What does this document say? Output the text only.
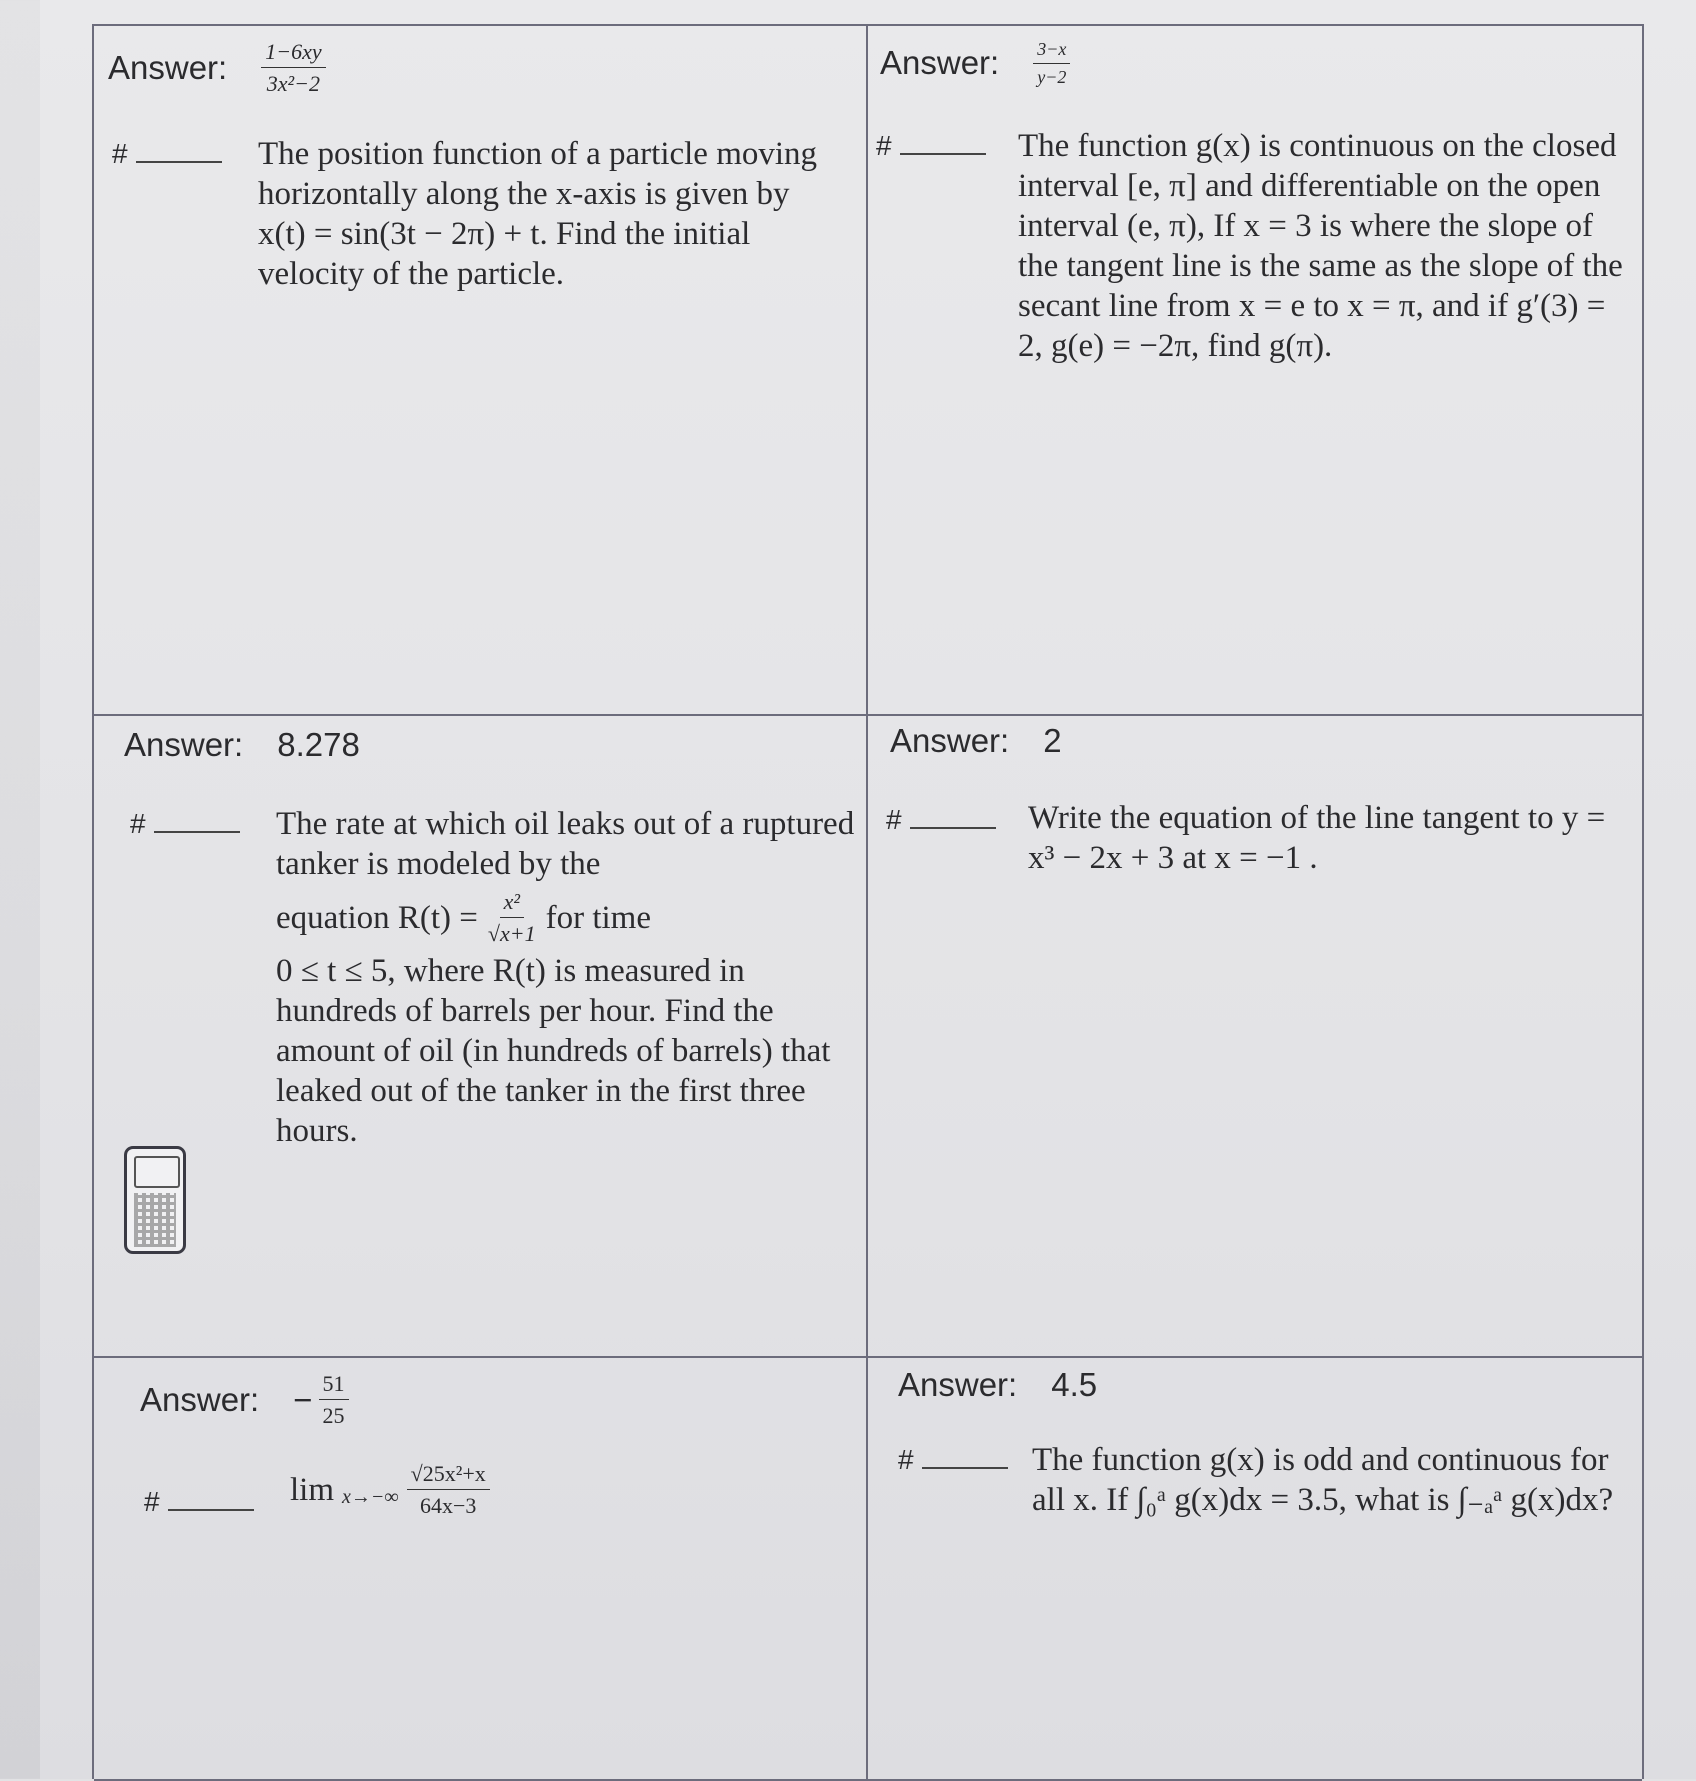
Answer: $\frac{1-6xy}{\text{3x²−2}}$
#	The position function of a particle moving horizontally along the x-axis is given by x(t) = sin(3t − 2π) + t. Find the initial velocity of the particle.
Answer: $\frac{3-x}{y-2}$
#	The function g(x) is continuous on the closed interval [e, π] and differentiable on the open interval (e, π), If x = 3 is where the slope of the tangent line is the same as the slope of the secant line from x = e to x = π, and if g′(3) = 2, g(e) = −2π, find g(π).
Answer: 8.278
#	The rate at which oil leaks out of a ruptured tanker is modeled by the
equation $R(t) = \frac{\text{x²}}{√x+1}$ for time
0 ≤ t ≤ 5, where R(t) is measured in hundreds of barrels per hour. Find the amount of oil (in hundreds of barrels) that leaked out of the tanker in the first three hours.
Answer: 2
#	Write the equation of the line tangent to y = x³ − 2x + 3 at x = −1 .
Answer: − $\frac{51}{25}$
#	$\lim x\to-\infty \frac{\text{√25x²+x}}{64x-3}$
Answer: 4.5
#	The function g(x) is odd and continuous for all x. If ∫₀ᵃ g(x)dx = 3.5, what is ∫₋ₐᵃ g(x)dx?
